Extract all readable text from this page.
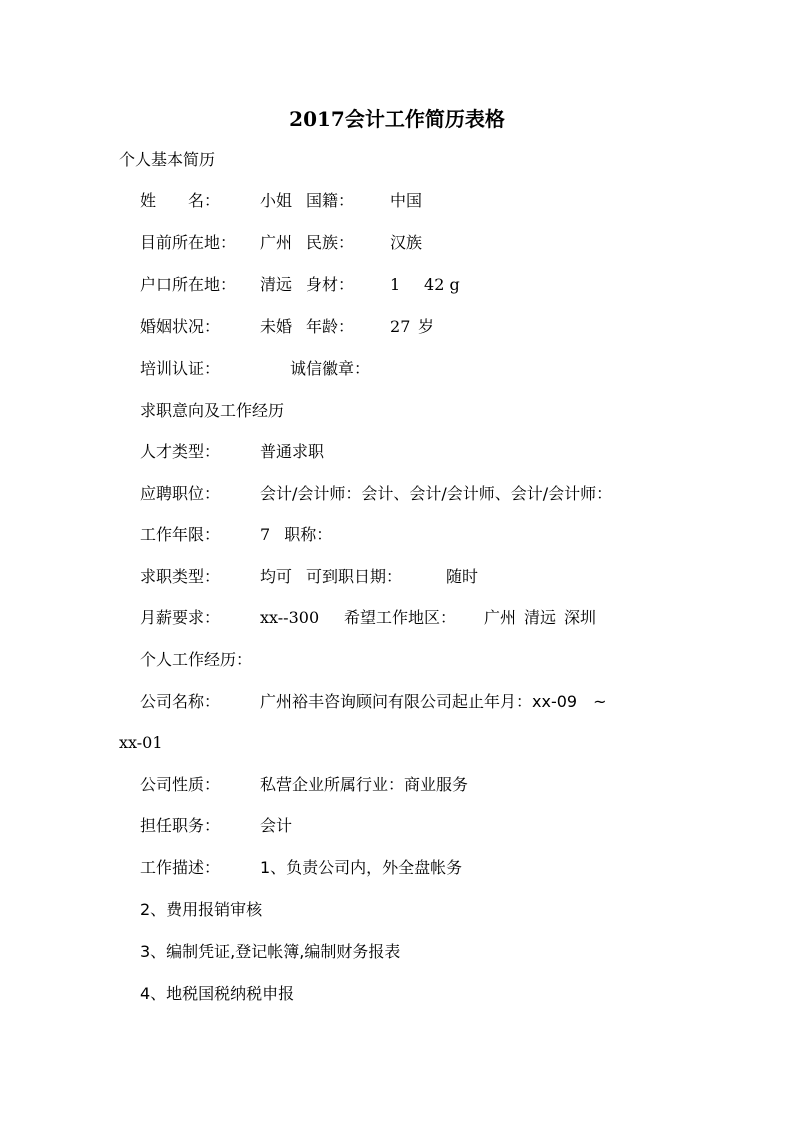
2017会计工作简历表格
个人基本简历
姓　　名： 小姐 国籍： 中国
目前所在地： 广州 民族： 汉族
户口所在地： 清远 身材： 1 42 g
婚姻状况： 未婚 年龄： 27 岁
培训认证：	诚信徽章：
求职意向及工作经历
人才类型： 普通求职
应聘职位： 会计/会计师：会计、会计/会计师、会计/会计师：
工作年限： 7 职称：
求职类型： 均可 可到职日期：	随时
月薪要求： xx--300 希望工作地区： 广州 清远 深圳
个人工作经历：
公司名称： 广州裕丰咨询顾问有限公司起止年月：xx-09　~
xx-01
公司性质： 私营企业所属行业：商业服务
担任职务： 会计
工作描述： 1、负责公司内，外全盘帐务
2、费用报销审核
3、编制凭证,登记帐簿,编制财务报表
4、地税国税纳税申报
